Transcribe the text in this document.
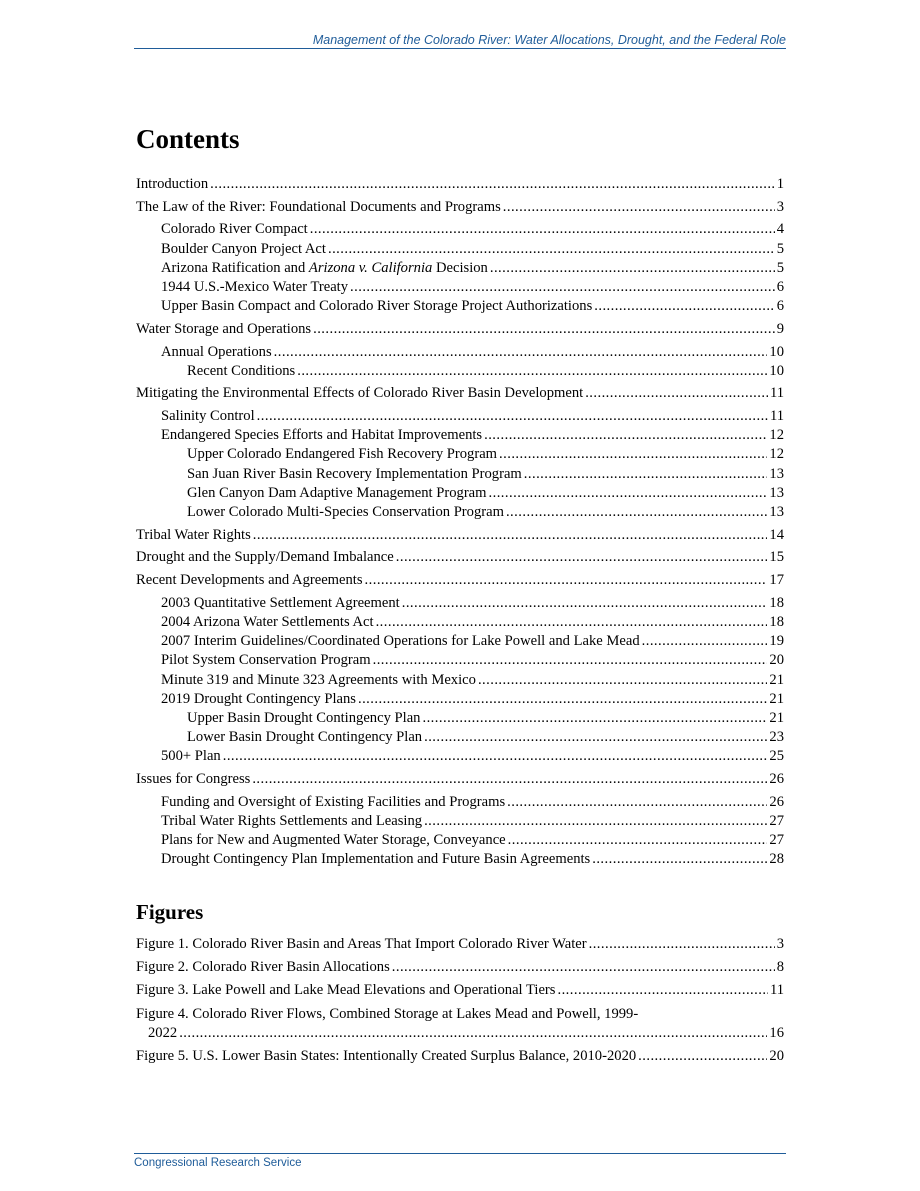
Management of the Colorado River: Water Allocations, Drought, and the Federal Role
Contents
Introduction . . .	1
The Law of the River: Foundational Documents and Programs . . .	3
Colorado River Compact . . .	4
Boulder Canyon Project Act . . .	5
Arizona Ratification and Arizona v. California Decision . . .	5
1944 U.S.-Mexico Water Treaty . . .	6
Upper Basin Compact and Colorado River Storage Project Authorizations . . .	6
Water Storage and Operations . . .	9
Annual Operations . . .	10
Recent Conditions . . .	10
Mitigating the Environmental Effects of Colorado River Basin Development . . .	11
Salinity Control . . .	11
Endangered Species Efforts and Habitat Improvements . . .	12
Upper Colorado Endangered Fish Recovery Program . . .	12
San Juan River Basin Recovery Implementation Program . . .	13
Glen Canyon Dam Adaptive Management Program . . .	13
Lower Colorado Multi-Species Conservation Program . . .	13
Tribal Water Rights . . .	14
Drought and the Supply/Demand Imbalance . . .	15
Recent Developments and Agreements . . .	17
2003 Quantitative Settlement Agreement . . .	18
2004 Arizona Water Settlements Act . . .	18
2007 Interim Guidelines/Coordinated Operations for Lake Powell and Lake Mead . . .	19
Pilot System Conservation Program . . .	20
Minute 319 and Minute 323 Agreements with Mexico . . .	21
2019 Drought Contingency Plans . . .	21
Upper Basin Drought Contingency Plan . . .	21
Lower Basin Drought Contingency Plan . . .	23
500+ Plan . . .	25
Issues for Congress . . .	26
Funding and Oversight of Existing Facilities and Programs . . .	26
Tribal Water Rights Settlements and Leasing . . .	27
Plans for New and Augmented Water Storage, Conveyance . . .	27
Drought Contingency Plan Implementation and Future Basin Agreements . . .	28
Figures
Figure 1. Colorado River Basin and Areas That Import Colorado River Water . . .	3
Figure 2. Colorado River Basin Allocations . . .	8
Figure 3. Lake Powell and Lake Mead Elevations and Operational Tiers . . .	11
Figure 4. Colorado River Flows, Combined Storage at Lakes Mead and Powell, 1999-
2022 . . .	16
Figure 5. U.S. Lower Basin States: Intentionally Created Surplus Balance, 2010-2020 . . .	20
Congressional Research Service
